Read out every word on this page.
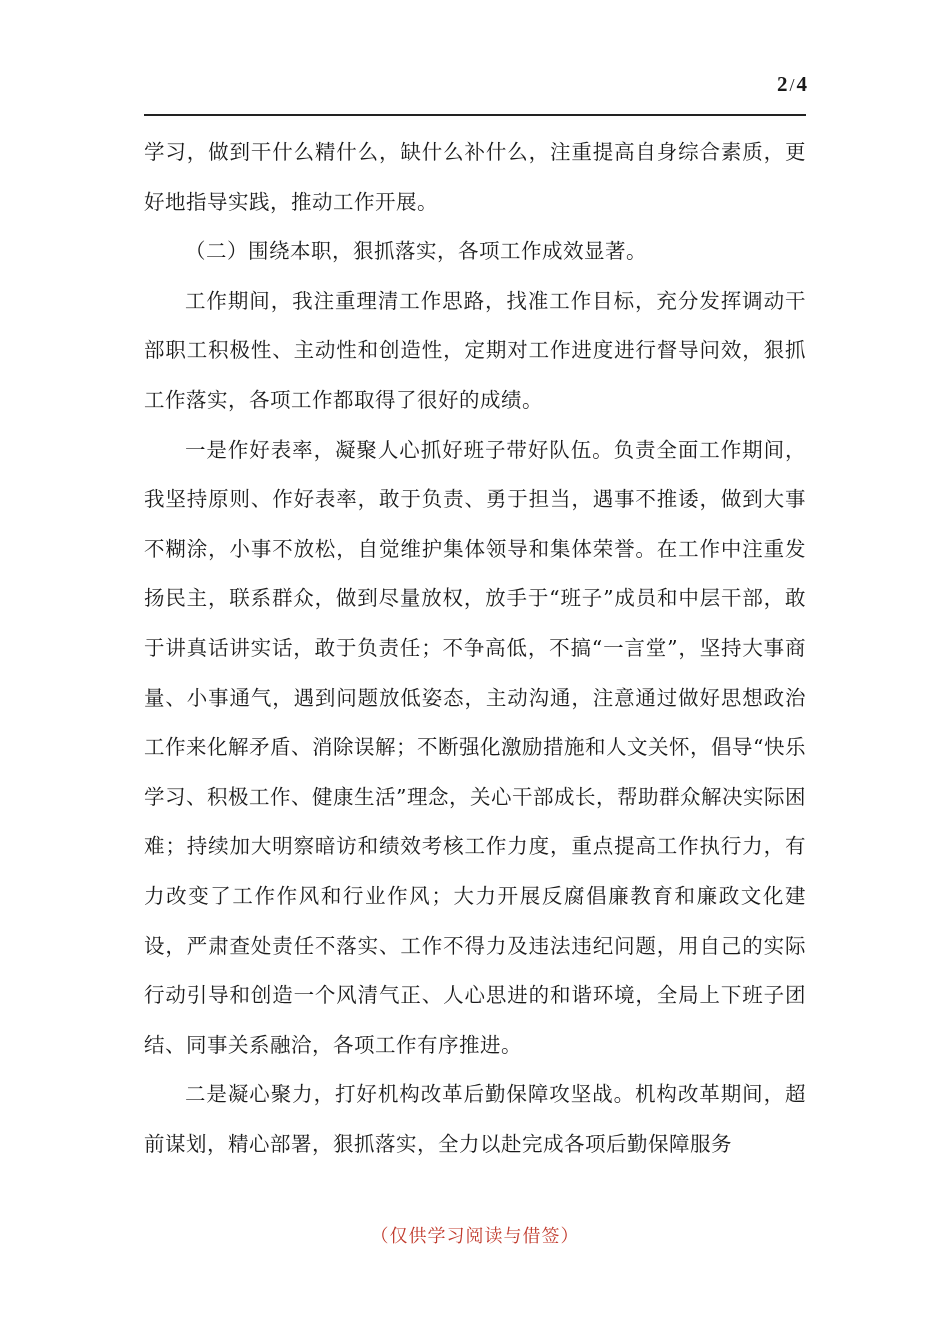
2/4

学习，做到干什么精什么，缺什么补什么，注重提高自身综合素质，更好地指导实践，推动工作开展。

（二）围绕本职，狠抓落实，各项工作成效显著。

工作期间，我注重理清工作思路，找准工作目标，充分发挥调动干部职工积极性、主动性和创造性，定期对工作进度进行督导问效，狠抓工作落实，各项工作都取得了很好的成绩。

一是作好表率，凝聚人心抓好班子带好队伍。负责全面工作期间，我坚持原则、作好表率，敢于负责、勇于担当，遇事不推诿，做到大事不糊涂，小事不放松，自觉维护集体领导和集体荣誉。在工作中注重发扬民主，联系群众，做到尽量放权，放手于“班子”成员和中层干部，敢于讲真话讲实话，敢于负责任；不争高低，不搞“一言堂”，坚持大事商量、小事通气，遇到问题放低姿态，主动沟通，注意通过做好思想政治工作来化解矛盾、消除误解；不断强化激励措施和人文关怀，倡导“快乐学习、积极工作、健康生活”理念，关心干部成长，帮助群众解决实际困难；持续加大明察暗访和绩效考核工作力度，重点提高工作执行力，有力改变了工作作风和行业作风；大力开展反腐倡廉教育和廉政文化建设，严肃查处责任不落实、工作不得力及违法违纪问题，用自己的实际行动引导和创造一个风清气正、人心思进的和谐环境，全局上下班子团结、同事关系融洽，各项工作有序推进。

二是凝心聚力，打好机构改革后勤保障攻坚战。机构改革期间，超前谋划，精心部署，狠抓落实，全力以赴完成各项后勤保障服务

（仅供学习阅读与借签）
